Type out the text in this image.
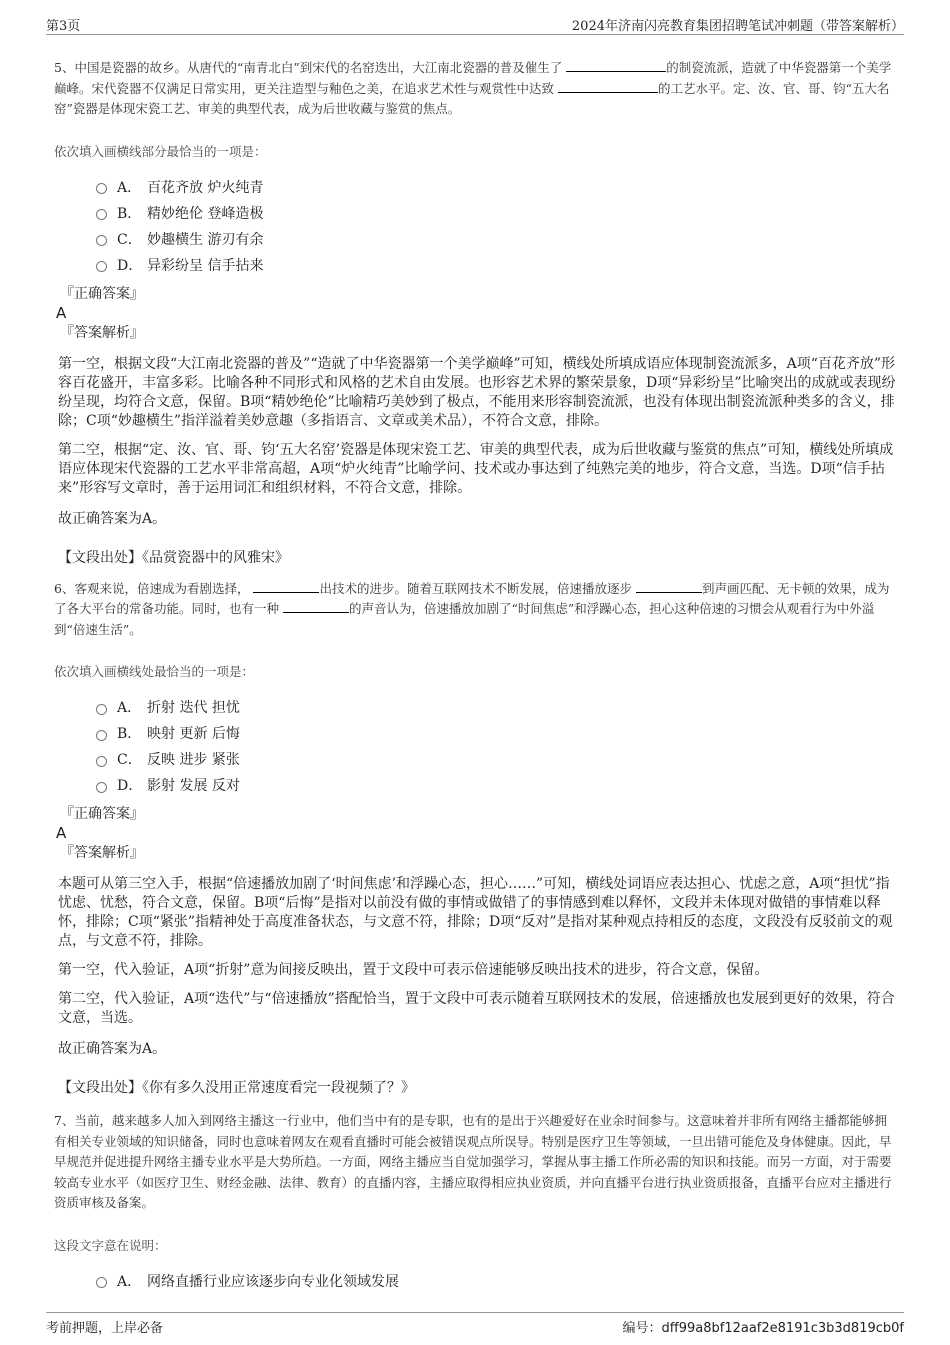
第3页	2024年济南闪亮教育集团招聘笔试冲刺题（带答案解析）

5、中国是瓷器的故乡。从唐代的“南青北白”到宋代的名窑迭出，大江南北瓷器的普及催生了	的制瓷流派，造就了中华瓷器第一个美学巅峰。宋代瓷器不仅满足日常实用，更关注造型与釉色之美，在追求艺术性与观赏性中达致	的工艺水平。定、汝、官、哥、钧“五大名窑”瓷器是体现宋瓷工艺、审美的典型代表，成为后世收藏与鉴赏的焦点。

依次填入画横线部分最恰当的一项是：

A． 百花齐放 炉火纯青
B． 精妙绝伦 登峰造极
C． 妙趣横生 游刃有余
D． 异彩纷呈 信手拈来

『正确答案』

A

『答案解析』

第一空，根据文段“大江南北瓷器的普及”“造就了中华瓷器第一个美学巅峰”可知，横线处所填成语应体现制瓷流派多，A项“百花齐放”形容百花盛开，丰富多彩。比喻各种不同形式和风格的艺术自由发展。也形容艺术界的繁荣景象，D项“异彩纷呈”比喻突出的成就或表现纷纷呈现，均符合文意，保留。B项“精妙绝伦”比喻精巧美妙到了极点，不能用来形容制瓷流派，也没有体现出制瓷流派种类多的含义，排除；C项“妙趣横生”指洋溢着美妙意趣（多指语言、文章或美术品），不符合文意，排除。

第二空，根据“定、汝、官、哥、钧‘五大名窑’瓷器是体现宋瓷工艺、审美的典型代表，成为后世收藏与鉴赏的焦点”可知，横线处所填成语应体现宋代瓷器的工艺水平非常高超，A项“炉火纯青”比喻学问、技术或办事达到了纯熟完美的地步，符合文意，当选。D项“信手拈来”形容写文章时，善于运用词汇和组织材料，不符合文意，排除。

故正确答案为A。

【文段出处】《品赏瓷器中的风雅宋》

6、客观来说，倍速成为看剧选择，	出技术的进步。随着互联网技术不断发展，倍速播放逐步	到声画匹配、无卡顿的效果，成为了各大平台的常备功能。同时，也有一种	的声音认为，倍速播放加剧了“时间焦虑”和浮躁心态，担心这种倍速的习惯会从观看行为中外溢到“倍速生活”。

依次填入画横线处最恰当的一项是：

A． 折射 迭代 担忧
B． 映射 更新 后悔
C． 反映 进步 紧张
D． 影射 发展 反对

『正确答案』

A

『答案解析』

本题可从第三空入手，根据“倍速播放加剧了‘时间焦虑’和浮躁心态，担心……”可知，横线处词语应表达担心、忧虑之意，A项“担忧”指忧虑、忧愁，符合文意，保留。B项“后悔”是指对以前没有做的事情或做错了的事情感到难以释怀，文段并未体现对做错的事情难以释怀，排除；C项“紧张”指精神处于高度准备状态，与文意不符，排除；D项“反对”是指对某种观点持相反的态度，文段没有反驳前文的观点，与文意不符，排除。

第一空，代入验证，A项“折射”意为间接反映出，置于文段中可表示倍速能够反映出技术的进步，符合文意，保留。

第二空，代入验证，A项“迭代”与“倍速播放”搭配恰当，置于文段中可表示随着互联网技术的发展，倍速播放也发展到更好的效果，符合文意，当选。

故正确答案为A。

【文段出处】《你有多久没用正常速度看完一段视频了？》

7、当前，越来越多人加入到网络主播这一行业中，他们当中有的是专职，也有的是出于兴趣爱好在业余时间参与。这意味着并非所有网络主播都能够拥有相关专业领域的知识储备，同时也意味着网友在观看直播时可能会被错误观点所误导。特别是医疗卫生等领域，一旦出错可能危及身体健康。因此，早早规范并促进提升网络主播专业水平是大势所趋。一方面，网络主播应当自觉加强学习，掌握从事主播工作所必需的知识和技能。而另一方面，对于需要较高专业水平（如医疗卫生、财经金融、法律、教育）的直播内容，主播应取得相应执业资质，并向直播平台进行执业资质报备，直播平台应对主播进行资质审核及备案。

这段文字意在说明：

A． 网络直播行业应该逐步向专业化领域发展
考前押题，上岸必备	编号：dff99a8bf12aaf2e8191c3b3d819cb0f
